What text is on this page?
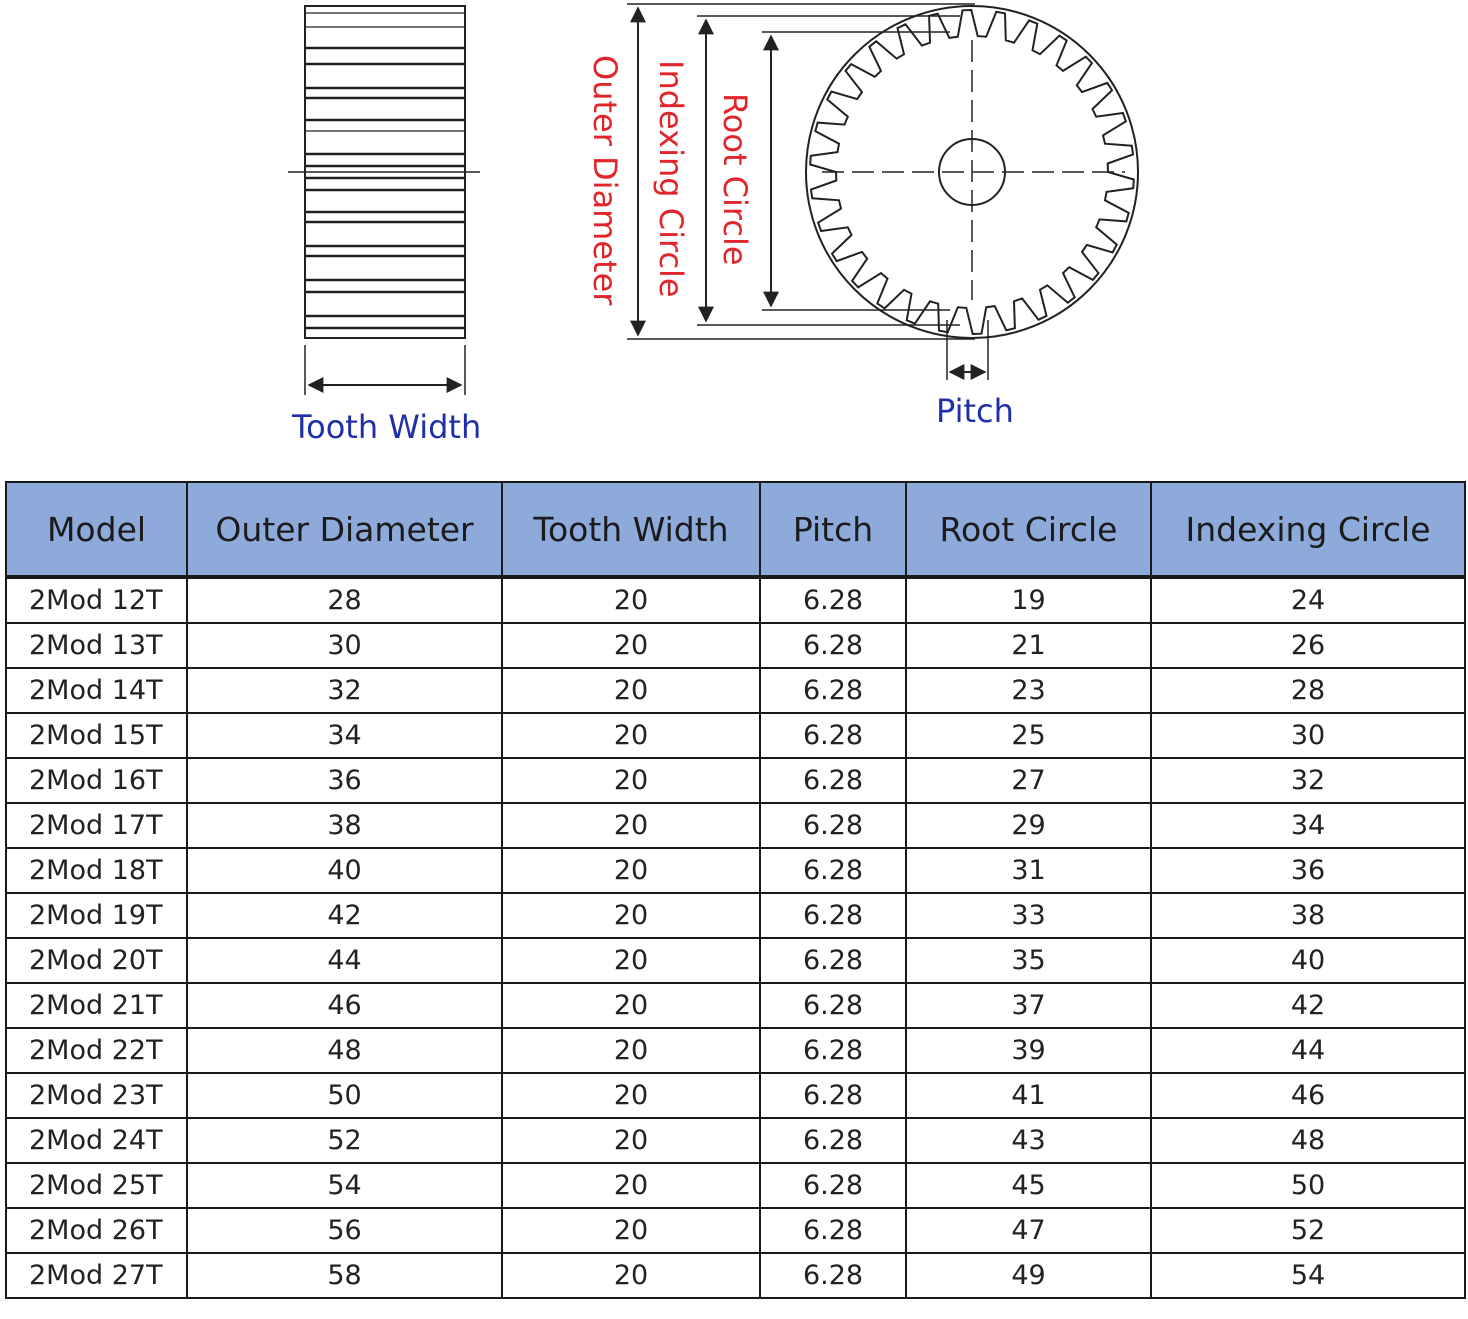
Tooth Width
Outer Diameter Indexing Circle Root Circle
Pitch
Model	Outer Diameter	Tooth Width	Pitch	Root Circle	Indexing Circle
2Mod 12T	28	20	6.28	19	24
2Mod 13T	30	20	6.28	21	26
2Mod 14T	32	20	6.28	23	28
2Mod 15T	34	20	6.28	25	30
2Mod 16T	36	20	6.28	27	32
2Mod 17T	38	20	6.28	29	34
2Mod 18T	40	20	6.28	31	36
2Mod 19T	42	20	6.28	33	38
2Mod 20T	44	20	6.28	35	40
2Mod 21T	46	20	6.28	37	42
2Mod 22T	48	20	6.28	39	44
2Mod 23T	50	20	6.28	41	46
2Mod 24T	52	20	6.28	43	48
2Mod 25T	54	20	6.28	45	50
2Mod 26T	56	20	6.28	47	52
2Mod 27T	58	20	6.28	49	54
